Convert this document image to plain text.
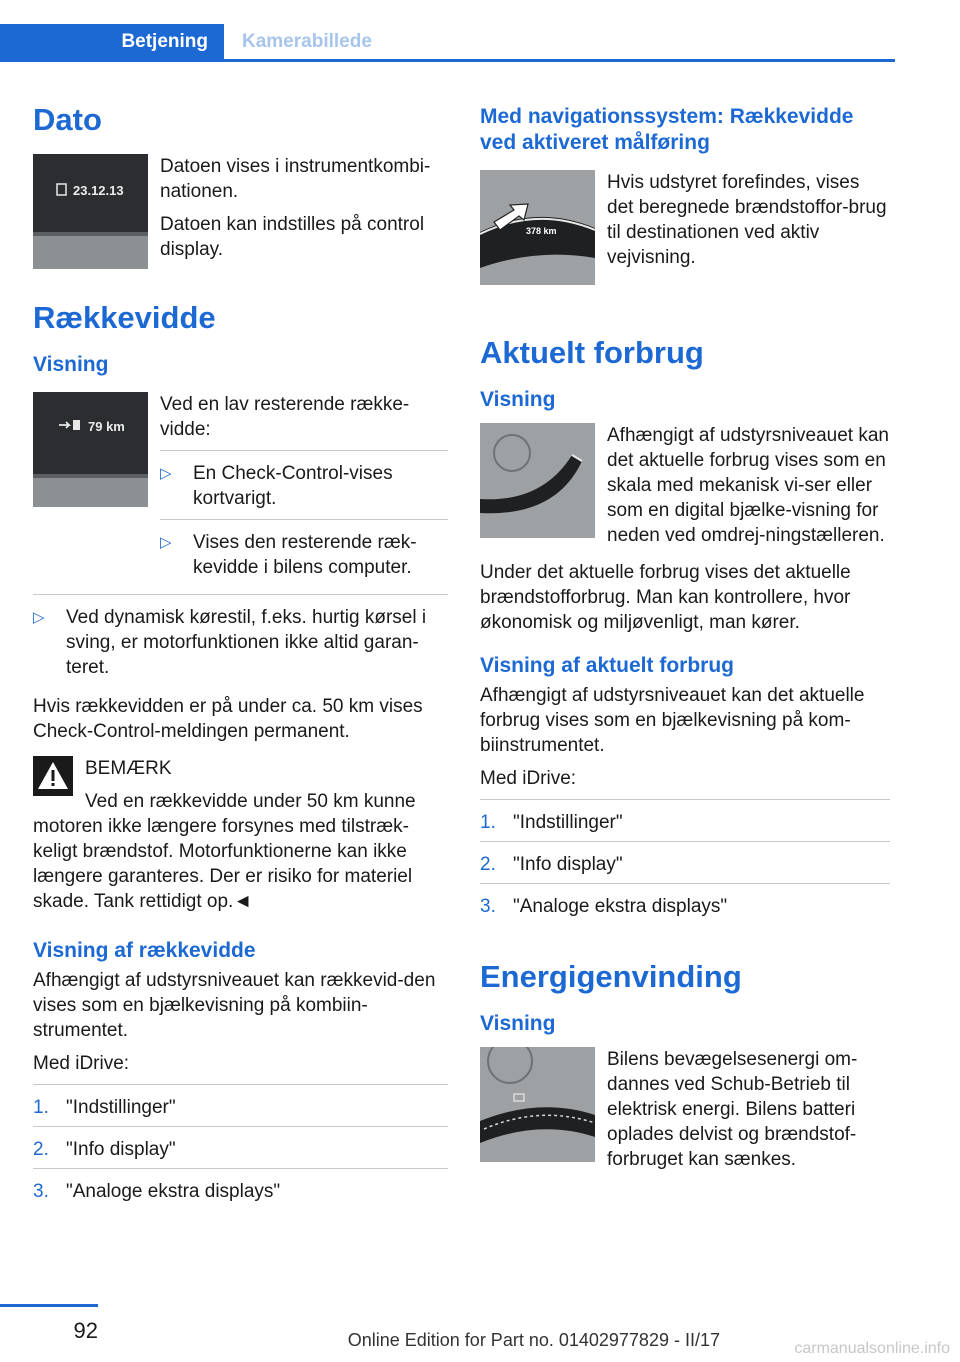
Betjening	Kamerabillede
Dato
23.12.13

Datoen vises i instrumentkombi-nationen.

Datoen kan indstilles på control display.

Rækkevidde
Visning
79 km

Ved en lav resterende række-vidde:

▷ En Check-Control-vises kortvarigt.
▷ Vises den resterende ræk-kevidde i bilens computer.
▷ Ved dynamisk kørestil, f.eks. hurtig kørsel i sving, er motorfunktionen ikke altid garan-teret.

Hvis rækkevidden er på under ca. 50 km vises Check-Control-meldingen permanent.

BEMÆRK

Ved en rækkevidde under 50 km kunne motoren ikke længere forsynes med tilstræk-keligt brændstof. Motorfunktionerne kan ikke længere garanteres. Der er risiko for materiel skade. Tank rettidigt op.◄

Visning af rækkevidde

Afhængigt af udstyrsniveauet kan rækkevid-den vises som en bjælkevisning på kombiin-strumentet.

Med iDrive:

1. "Indstillinger"
2. "Info display"
3. "Analoge ekstra displays"
Med navigationssystem: Rækkevidde ved aktiveret målføring
378 km

Hvis udstyret forefindes, vises det beregnede brændstoffor-brug til destinationen ved aktiv vejvisning.

Aktuelt forbrug
Visning

Afhængigt af udstyrsniveauet kan det aktuelle forbrug vises som en skala med mekanisk vi-ser eller som en digital bjælke-visning for neden ved omdrej-ningstælleren.

Under det aktuelle forbrug vises det aktuelle brændstofforbrug. Man kan kontrollere, hvor økonomisk og miljøvenligt, man kører.

Visning af aktuelt forbrug

Afhængigt af udstyrsniveauet kan det aktuelle forbrug vises som en bjælkevisning på kom-biinstrumentet.

Med iDrive:

1. "Indstillinger"
2. "Info display"
3. "Analoge ekstra displays"
Energigenvinding
Visning

Bilens bevægelsesenergi om-dannes ved Schub-Betrieb til elektrisk energi. Bilens batteri oplades delvist og brændstof-forbruget kan sænkes.

92	Online Edition for Part no. 01402977829 - II/17	carmanualsonline.info
